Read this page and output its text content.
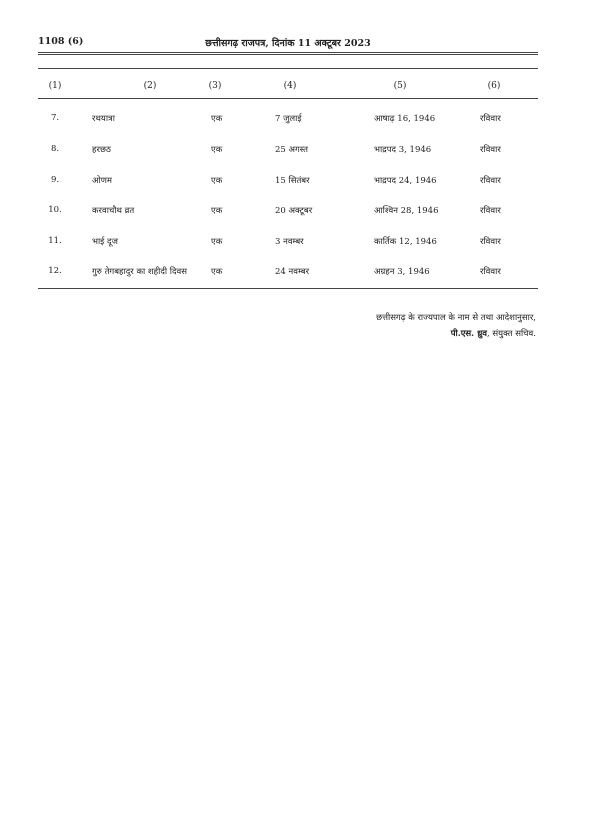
1108 (6)	छत्तीसगढ़ राजपत्र, दिनांक 11 अक्टूबर 2023
(1)	(2)	(3)	(4)	(5)	(6)
7.	रथयात्रा	एक	7 जुलाई	आषाढ़ 16, 1946	रविवार
8.	हरछठ	एक	25 अगस्त	भाद्रपद 3, 1946	रविवार
9.	ओणम	एक	15 सितंबर	भाद्रपद 24, 1946	रविवार
10.	करवाचौथ व्रत	एक	20 अक्टूबर	आश्विन 28, 1946	रविवार
11.	भाई दूज	एक	3 नवम्बर	कार्तिक 12, 1946	रविवार
12.	गुरु तेगबहादुर का शहीदी दिवस	एक	24 नवम्बर	अग्रहन 3, 1946	रविवार
छत्तीसगढ़ के राज्यपाल के नाम से तथा आदेशानुसार,
पी.एस. ध्रुव, संयुक्त सचिव.
